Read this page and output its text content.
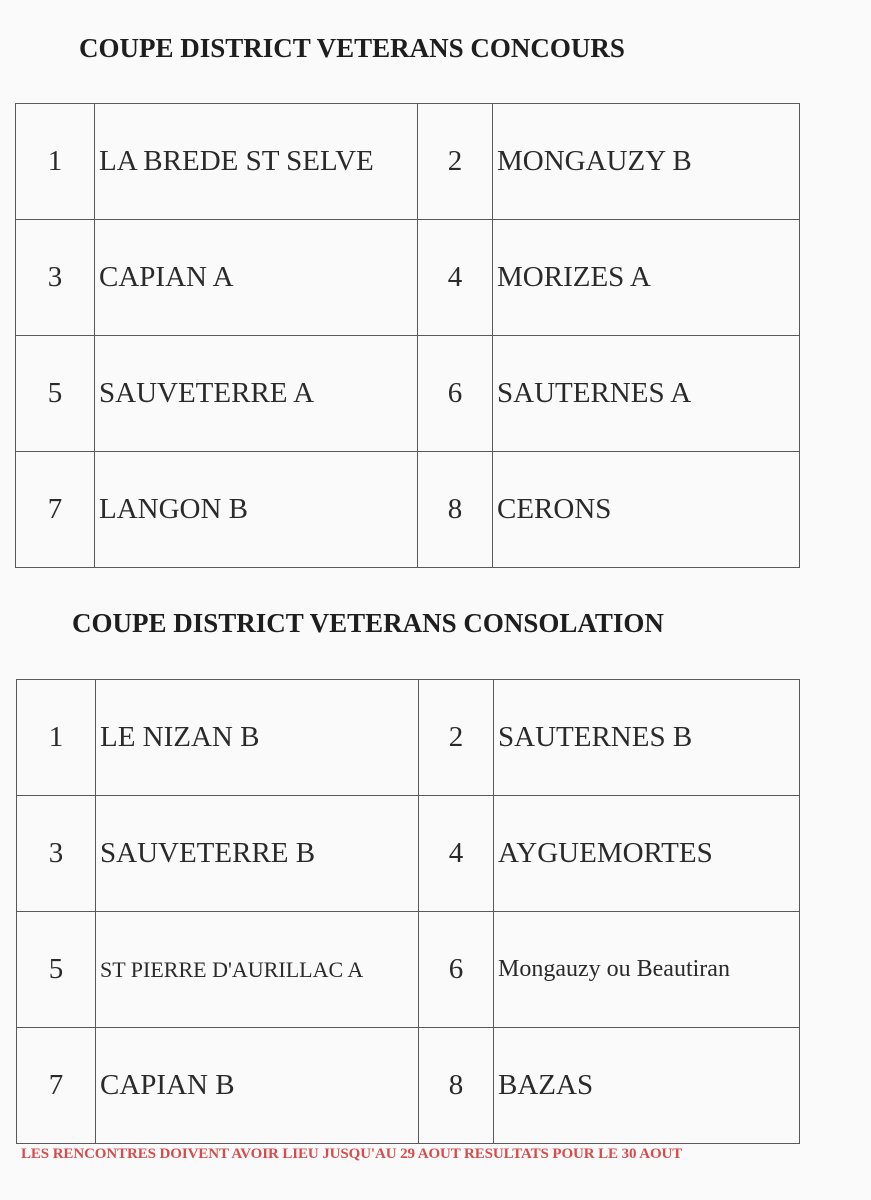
COUPE DISTRICT VETERANS CONCOURS
1	LA BREDE ST SELVE	2	MONGAUZY B
3	CAPIAN A	4	MORIZES A
5	SAUVETERRE A	6	SAUTERNES A
7	LANGON B	8	CERONS
COUPE DISTRICT VETERANS CONSOLATION
1	LE NIZAN B	2	SAUTERNES B
3	SAUVETERRE B	4	AYGUEMORTES
5	ST PIERRE D'AURILLAC A	6	Mongauzy ou Beautiran
7	CAPIAN B	8	BAZAS
LES RENCONTRES DOIVENT AVOIR LIEU JUSQU'AU 29 AOUT RESULTATS POUR LE 30 AOUT
